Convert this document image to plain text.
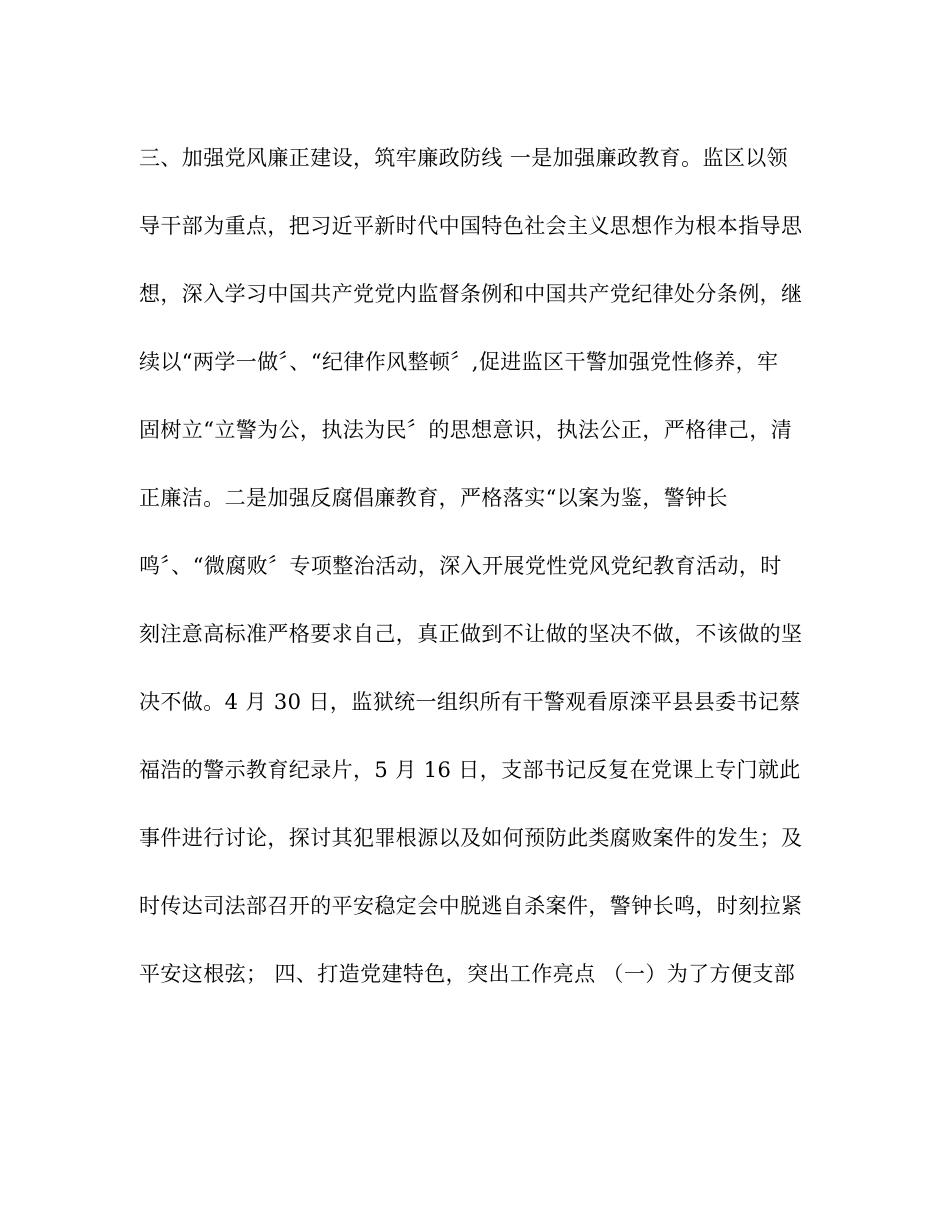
三、加强党风廉正建设，筑牢廉政防线 一是加强廉政教育。监区以领

导干部为重点，把习近平新时代中国特色社会主义思想作为根本指导思

想，深入学习中国共产党党内监督条例和中国共产党纪律处分条例，继

续以“两学一做〞、“纪律作风整顿〞,促进监区干警加强党性修养，牢

固树立“立警为公，执法为民〞的思想意识，执法公正，严格律己，清

正廉洁。二是加强反腐倡廉教育，严格落实“以案为鉴，警钟长

鸣〞、“微腐败〞专项整治活动，深入开展党性党风党纪教育活动，时

刻注意高标准严格要求自己，真正做到不让做的坚决不做，不该做的坚

决不做。4 月 30 日，监狱统一组织所有干警观看原滦平县县委书记蔡

福浩的警示教育纪录片，5 月 16 日，支部书记反复在党课上专门就此

事件进行讨论，探讨其犯罪根源以及如何预防此类腐败案件的发生；及

时传达司法部召开的平安稳定会中脱逃自杀案件，警钟长鸣，时刻拉紧

平安这根弦； 四、打造党建特色，突出工作亮点 （一）为了方便支部
